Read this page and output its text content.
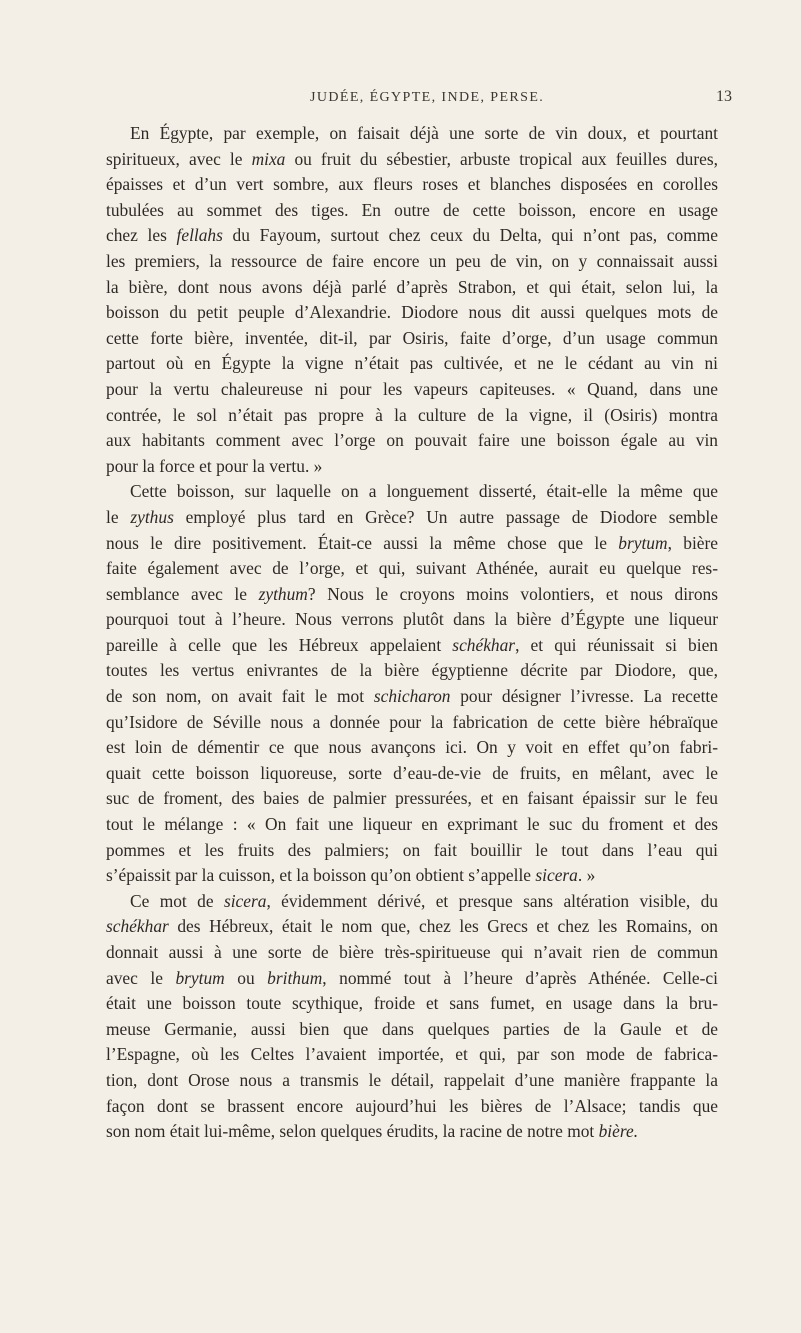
JUDÉE, ÉGYPTE, INDE, PERSE.	13
En Égypte, par exemple, on faisait déjà une sorte de vin doux, et pourtant
spiritueux, avec le mixa ou fruit du sébestier, arbuste tropical aux feuilles dures,
épaisses et d’un vert sombre, aux fleurs roses et blanches disposées en corolles
tubulées au sommet des tiges. En outre de cette boisson, encore en usage
chez les fellahs du Fayoum, surtout chez ceux du Delta, qui n’ont pas, comme
les premiers, la ressource de faire encore un peu de vin, on y connaissait aussi
la bière, dont nous avons déjà parlé d’après Strabon, et qui était, selon lui, la
boisson du petit peuple d’Alexandrie. Diodore nous dit aussi quelques mots de
cette forte bière, inventée, dit-il, par Osiris, faite d’orge, d’un usage commun
partout où en Égypte la vigne n’était pas cultivée, et ne le cédant au vin ni
pour la vertu chaleureuse ni pour les vapeurs capiteuses. « Quand, dans une
contrée, le sol n’était pas propre à la culture de la vigne, il (Osiris) montra
aux habitants comment avec l’orge on pouvait faire une boisson égale au vin
pour la force et pour la vertu. »
Cette boisson, sur laquelle on a longuement disserté, était-elle la même que
le zythus employé plus tard en Grèce? Un autre passage de Diodore semble
nous le dire positivement. Était-ce aussi la même chose que le brytum, bière
faite également avec de l’orge, et qui, suivant Athénée, aurait eu quelque res-
semblance avec le zythum? Nous le croyons moins volontiers, et nous dirons
pourquoi tout à l’heure. Nous verrons plutôt dans la bière d’Égypte une liqueur
pareille à celle que les Hébreux appelaient schékhar, et qui réunissait si bien
toutes les vertus enivrantes de la bière égyptienne décrite par Diodore, que,
de son nom, on avait fait le mot schicharon pour désigner l’ivresse. La recette
qu’Isidore de Séville nous a donnée pour la fabrication de cette bière hébraïque
est loin de démentir ce que nous avançons ici. On y voit en effet qu’on fabri-
quait cette boisson liquoreuse, sorte d’eau-de-vie de fruits, en mêlant, avec le
suc de froment, des baies de palmier pressurées, et en faisant épaissir sur le feu
tout le mélange : « On fait une liqueur en exprimant le suc du froment et des
pommes et les fruits des palmiers; on fait bouillir le tout dans l’eau qui
s’épaissit par la cuisson, et la boisson qu’on obtient s’appelle sicera. »
Ce mot de sicera, évidemment dérivé, et presque sans altération visible, du
schékhar des Hébreux, était le nom que, chez les Grecs et chez les Romains, on
donnait aussi à une sorte de bière très-spiritueuse qui n’avait rien de commun
avec le brytum ou brithum, nommé tout à l’heure d’après Athénée. Celle-ci
était une boisson toute scythique, froide et sans fumet, en usage dans la bru-
meuse Germanie, aussi bien que dans quelques parties de la Gaule et de
l’Espagne, où les Celtes l’avaient importée, et qui, par son mode de fabrica-
tion, dont Orose nous a transmis le détail, rappelait d’une manière frappante la
façon dont se brassent encore aujourd’hui les bières de l’Alsace; tandis que
son nom était lui-même, selon quelques érudits, la racine de notre mot bière.
